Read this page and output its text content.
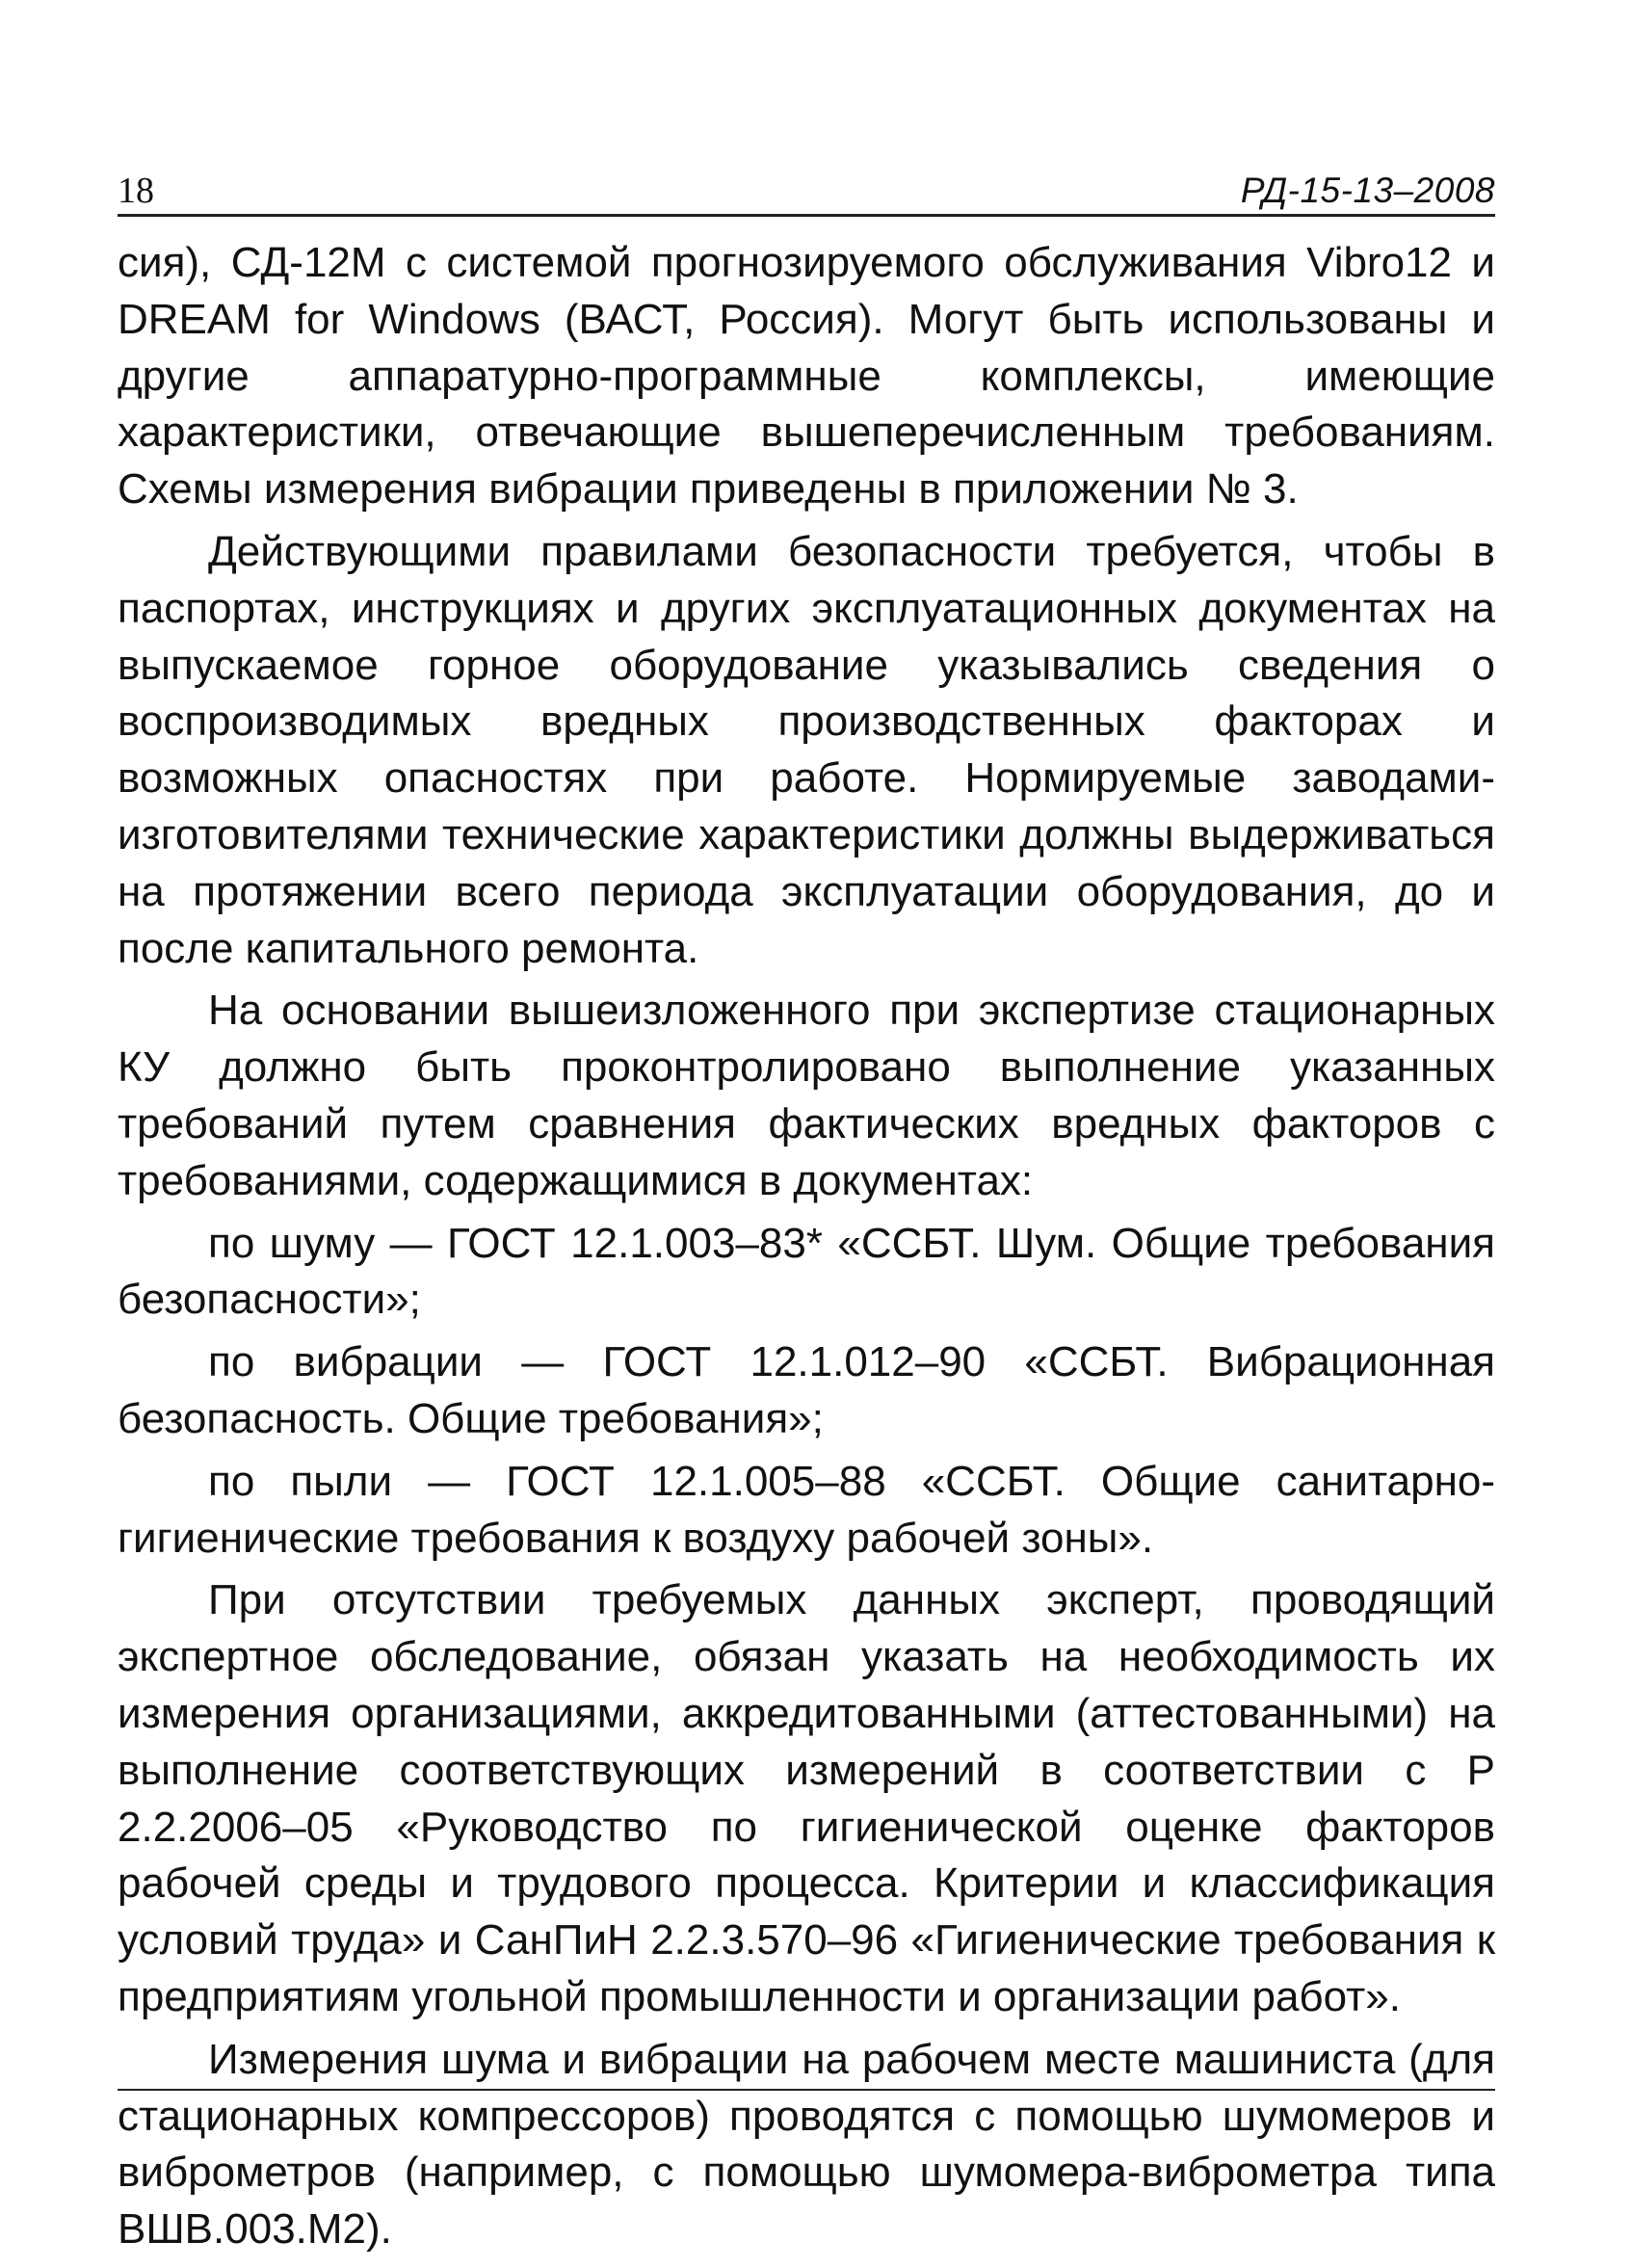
18	РД-15-13–2008

сия), СД-12М с системой прогнозируемого обслуживания Vibro12 и DREAM for Windows (ВАСТ, Россия). Могут быть использованы и другие аппаратурно-программные комплексы, имеющие характеристики, отвечающие вышеперечисленным требованиям. Схемы измерения вибрации приведены в приложении № 3.

Действующими правилами безопасности требуется, чтобы в паспортах, инструкциях и других эксплуатационных документах на выпускаемое горное оборудование указывались сведения о воспроизводимых вредных производственных факторах и возможных опасностях при работе. Нормируемые заводами-изготовителями технические характеристики должны выдерживаться на протяжении всего периода эксплуатации оборудования, до и после капитального ремонта.

На основании вышеизложенного при экспертизе стационарных КУ должно быть проконтролировано выполнение указанных требований путем сравнения фактических вредных факторов с требованиями, содержащимися в документах:

по шуму — ГОСТ 12.1.003–83* «ССБТ. Шум. Общие требования безопасности»;

по вибрации — ГОСТ 12.1.012–90 «ССБТ. Вибрационная безопасность. Общие требования»;

по пыли — ГОСТ 12.1.005–88 «ССБТ. Общие санитарно-гигиенические требования к воздуху рабочей зоны».

При отсутствии требуемых данных эксперт, проводящий экспертное обследование, обязан указать на необходимость их измерения организациями, аккредитованными (аттестованными) на выполнение соответствующих измерений в соответствии с Р 2.2.2006–05 «Руководство по гигиенической оценке факторов рабочей среды и трудового процесса. Критерии и классификация условий труда» и СанПиН 2.2.3.570–96 «Гигиенические требования к предприятиям угольной промышленности и организации работ».

Измерения шума и вибрации на рабочем месте машиниста (для стационарных компрессоров) проводятся с помощью шумомеров и виброметров (например, с помощью шумомера-виброметра типа ВШВ.003.М2).
